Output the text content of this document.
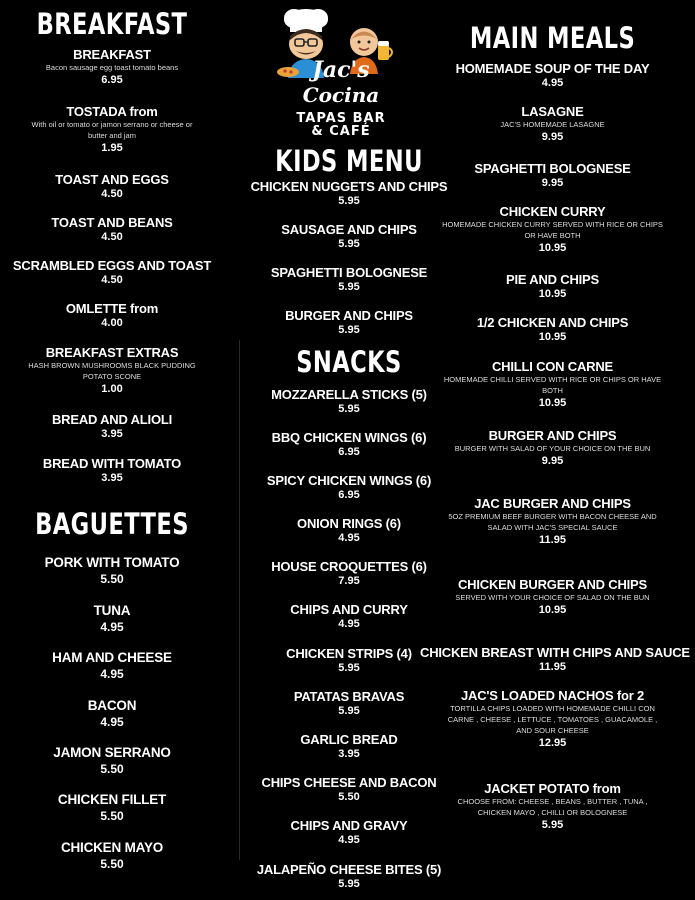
BREAKFAST
BREAKFAST
Bacon sausage egg toast tomato beans
6.95
TOSTADA from
With oil or tomato or jamon serrano or cheese or butter and jam
1.95
TOAST AND EGGS
4.50
TOAST AND BEANS
4.50
SCRAMBLED EGGS AND TOAST
4.50
OMLETTE from
4.00
BREAKFAST EXTRAS
HASH BROWN MUSHROOMS BLACK PUDDING POTATO SCONE
1.00
BREAD AND ALIOLI
3.95
BREAD WITH TOMATO
3.95
BAGUETTES
PORK WITH TOMATO
5.50
TUNA
4.95
HAM AND CHEESE
4.95
BACON
4.95
JAMON SERRANO
5.50
CHICKEN FILLET
5.50
CHICKEN MAYO
5.50
KIDS MENU
CHICKEN NUGGETS AND CHIPS
5.95
SAUSAGE AND CHIPS
5.95
SPAGHETTI BOLOGNESE
5.95
BURGER AND CHIPS
5.95
SNACKS
MOZZARELLA STICKS (5)
5.95
BBQ CHICKEN WINGS (6)
6.95
SPICY CHICKEN WINGS (6)
6.95
ONION RINGS (6)
4.95
HOUSE CROQUETTES (6)
7.95
CHIPS AND CURRY
4.95
CHICKEN STRIPS (4)
5.95
PATATAS BRAVAS
5.95
GARLIC BREAD
3.95
CHIPS CHEESE AND BACON
5.50
CHIPS AND GRAVY
4.95
JALAPEÑO CHEESE BITES (5)
5.95
MAIN MEALS
HOMEMADE SOUP OF THE DAY
4.95
LASAGNE
JAC'S HOMEMADE LASAGNE
9.95
SPAGHETTI BOLOGNESE
9.95
CHICKEN CURRY
HOMEMADE CHICKEN CURRY SERVED WITH RICE OR CHIPS OR HAVE BOTH
10.95
PIE AND CHIPS
10.95
1/2 CHICKEN AND CHIPS
10.95
CHILLI CON CARNE
HOMEMADE CHILLI SERVED WITH RICE OR CHIPS OR HAVE BOTH
10.95
BURGER AND CHIPS
BURGER WITH SALAD OF YOUR CHOICE ON THE BUN
9.95
JAC BURGER AND CHIPS
5OZ PREMIUM BEEF BURGER WITH BACON CHEESE AND SALAD WITH JAC'S SPECIAL SAUCE
11.95
CHICKEN BURGER AND CHIPS
SERVED WITH YOUR CHOICE OF SALAD ON THE BUN
10.95
CHICKEN BREAST WITH CHIPS AND SAUCE
11.95
JAC'S LOADED NACHOS for 2
TORTILLA CHIPS LOADED WITH HOMEMADE CHILLI CON CARNE , CHEESE , LETTUCE , TOMATOES , GUACAMOLE , AND SOUR CHEESE
12.95
JACKET POTATO from
CHOOSE FROM: CHEESE , BEANS , BUTTER , TUNA , CHICKEN MAYO , CHILLI OR BOLOGNESE
5.95
Jac's
Cocina
TAPAS BAR
& CAFÉ
